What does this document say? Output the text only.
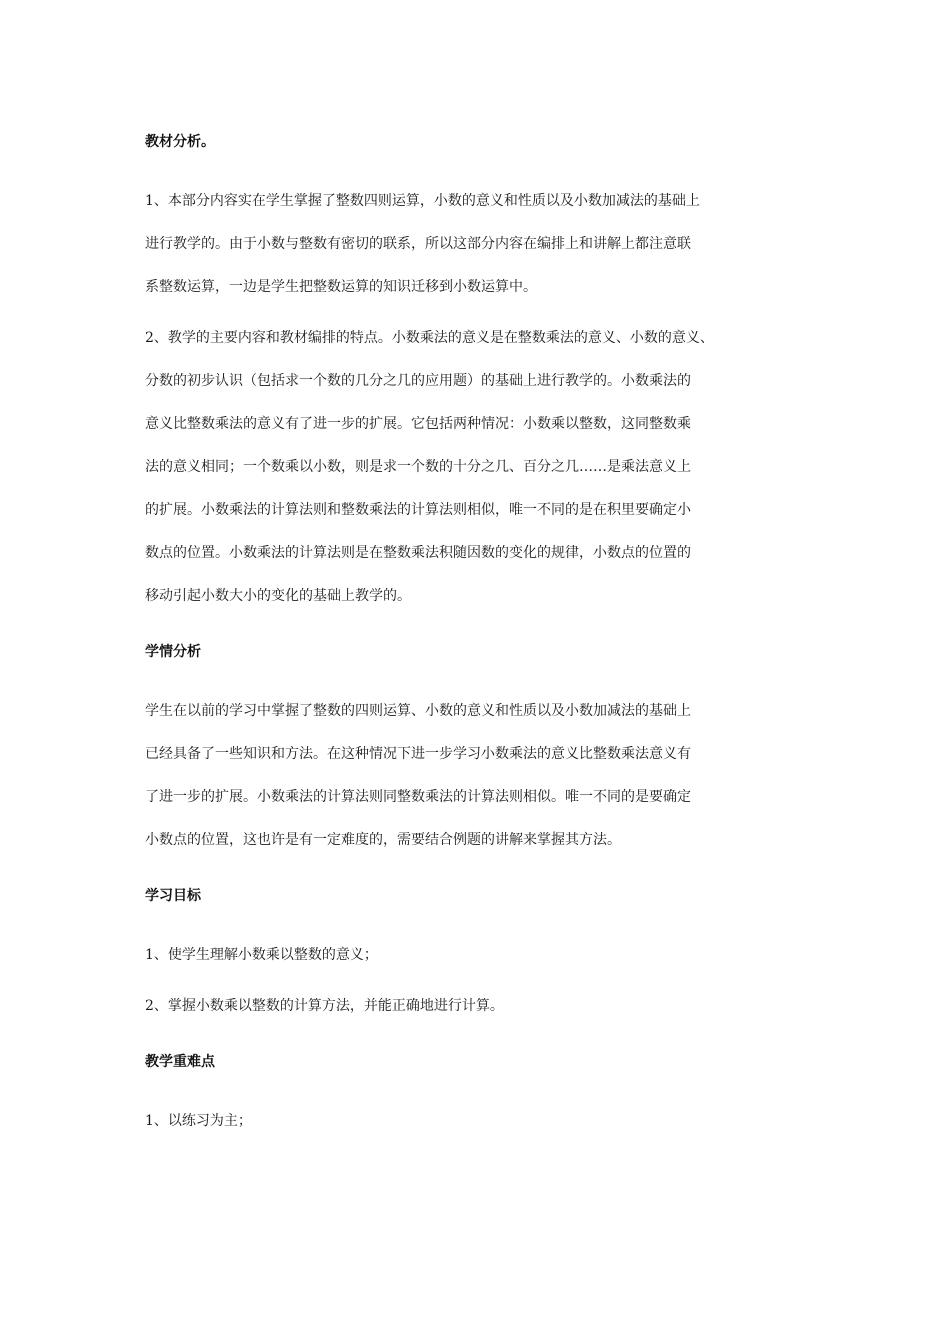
教材分析。

1、本部分内容实在学生掌握了整数四则运算，小数的意义和性质以及小数加减法的基础上
进行教学的。由于小数与整数有密切的联系，所以这部分内容在编排上和讲解上都注意联
系整数运算，一边是学生把整数运算的知识迁移到小数运算中。

2、教学的主要内容和教材编排的特点。小数乘法的意义是在整数乘法的意义、小数的意义、
分数的初步认识（包括求一个数的几分之几的应用题）的基础上进行教学的。小数乘法的
意义比整数乘法的意义有了进一步的扩展。它包括两种情况：小数乘以整数，这同整数乘
法的意义相同；一个数乘以小数，则是求一个数的十分之几、百分之几……是乘法意义上
的扩展。小数乘法的计算法则和整数乘法的计算法则相似，唯一不同的是在积里要确定小
数点的位置。小数乘法的计算法则是在整数乘法积随因数的变化的规律，小数点的位置的
移动引起小数大小的变化的基础上教学的。

学情分析

学生在以前的学习中掌握了整数的四则运算、小数的意义和性质以及小数加减法的基础上
已经具备了一些知识和方法。在这种情况下进一步学习小数乘法的意义比整数乘法意义有
了进一步的扩展。小数乘法的计算法则同整数乘法的计算法则相似。唯一不同的是要确定
小数点的位置，这也许是有一定难度的，需要结合例题的讲解来掌握其方法。

学习目标

1、使学生理解小数乘以整数的意义；

2、掌握小数乘以整数的计算方法，并能正确地进行计算。

教学重难点

1、以练习为主；
